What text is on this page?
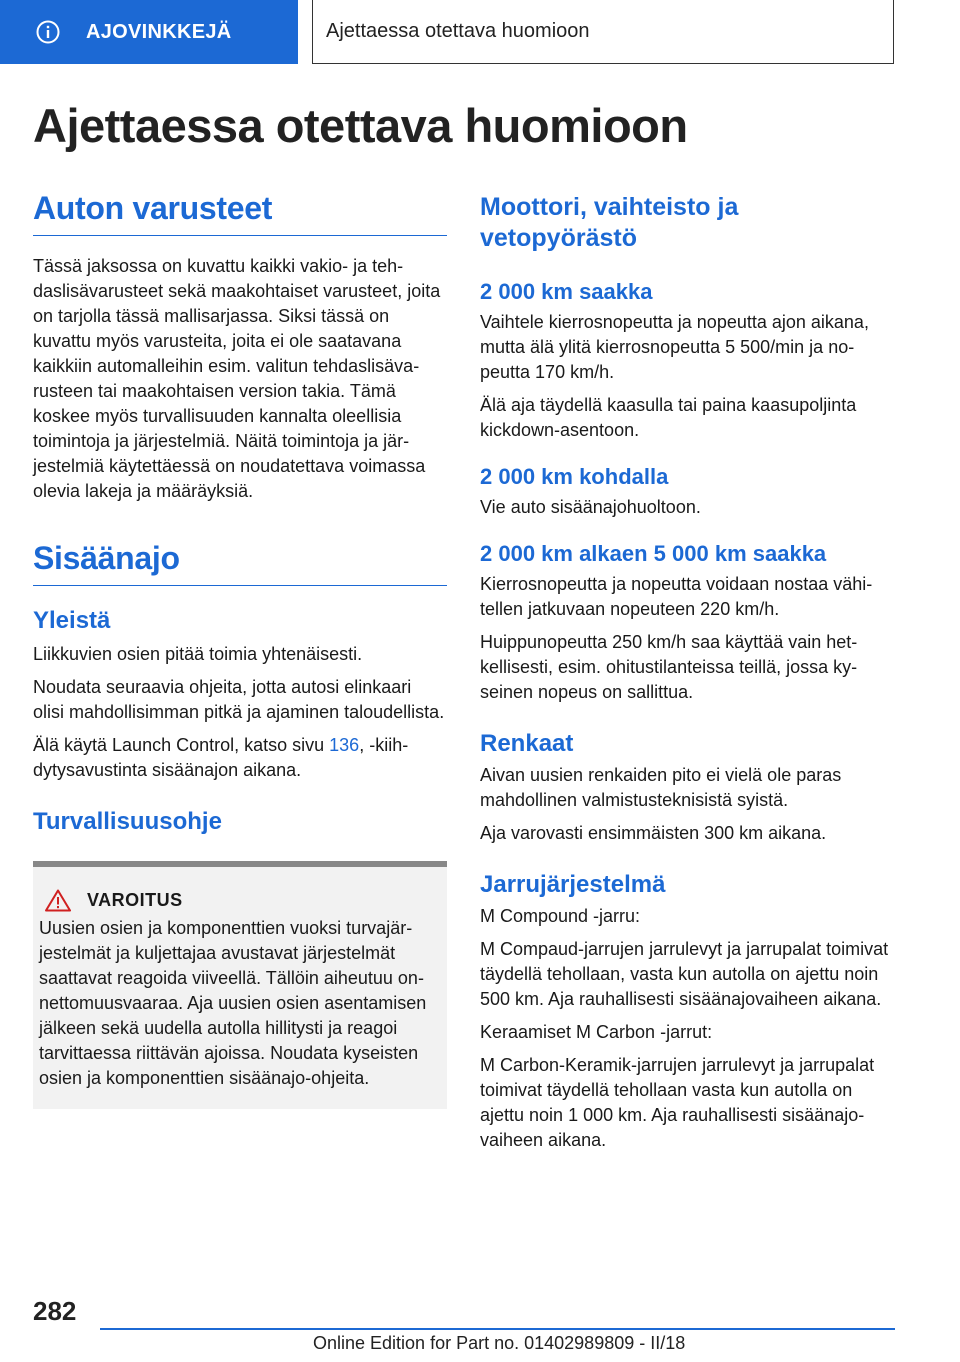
AJOVINKKEJÄ	Ajettaessa otettava huomioon
Ajettaessa otettava huomioon
Auton varusteet

Tässä jaksossa on kuvattu kaikki vakio- ja tehdaslisävarusteet sekä maakohtaiset varusteet, joita on tarjolla tässä mallisarjassa. Siksi tässä on kuvattu myös varusteita, joita ei ole saatavana kaikkiin automalleihin esim. valitun tehdaslisävarusteen tai maakohtaisen version takia. Tämä koskee myös turvallisuuden kannalta oleellisia toimintoja ja järjestelmiä. Näitä toimintoja ja järjestelmiä käytettäessä on noudatettava voimassa olevia lakeja ja määräyksiä.

Sisäänajo
Yleistä

Liikkuvien osien pitää toimia yhtenäisesti.

Noudata seuraavia ohjeita, jotta autosi elinkaari olisi mahdollisimman pitkä ja ajaminen taloudellista.

Älä käytä Launch Control, katso sivu 136, -kiihdytysavustinta sisäänajon aikana.

Turvallisuusohje
VAROITUS

Uusien osien ja komponenttien vuoksi turvajärjestelmät ja kuljettajaa avustavat järjestelmät saattavat reagoida viiveellä. Tällöin aiheutuu onnettomuusvaaraa. Aja uusien osien asentamisen jälkeen sekä uudella autolla hillitysti ja reagoi tarvittaessa riittävän ajoissa. Noudata kyseisten osien ja komponenttien sisäänajo-ohjeita.

Moottori, vaihteisto ja vetopyörästö
2 000 km saakka

Vaihtele kierrosnopeutta ja nopeutta ajon aikana, mutta älä ylitä kierrosnopeutta 5 500/min ja nopeutta 170 km/h.

Älä aja täydellä kaasulla tai paina kaasupoljinta kickdown-asentoon.

2 000 km kohdalla

Vie auto sisäänajohuoltoon.

2 000 km alkaen 5 000 km saakka

Kierrosnopeutta ja nopeutta voidaan nostaa vähitellen jatkuvaan nopeuteen 220 km/h.

Huippunopeutta 250 km/h saa käyttää vain hetkellisesti, esim. ohitustilanteissa teillä, jossa kyseinen nopeus on sallittua.

Renkaat

Aivan uusien renkaiden pito ei vielä ole paras mahdollinen valmistusteknisistä syistä.

Aja varovasti ensimmäisten 300 km aikana.

Jarrujärjestelmä

M Compound -jarru:

M Compaud-jarrujen jarrulevyt ja jarrupalat toimivat täydellä tehollaan, vasta kun autolla on ajettu noin 500 km. Aja rauhallisesti sisäänajovaiheen aikana.

Keraamiset M Carbon -jarrut:

M Carbon-Keramik-jarrujen jarrulevyt ja jarrupalat toimivat täydellä tehollaan vasta kun autolla on ajettu noin 1 000 km. Aja rauhallisesti sisäänajovaiheen aikana.

282
Online Edition for Part no. 01402989809 - II/18
